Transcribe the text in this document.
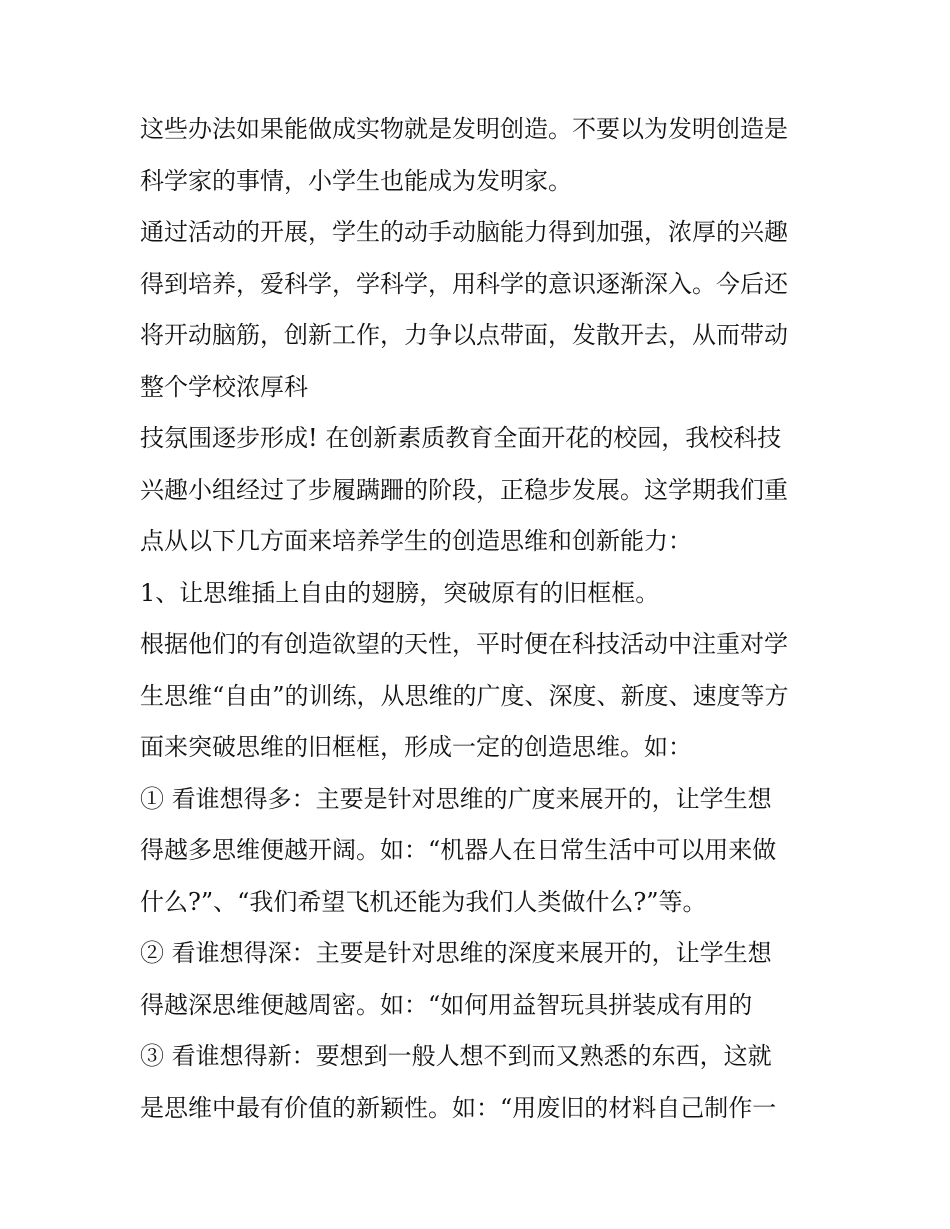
这些办法如果能做成实物就是发明创造。不要以为发明创造是
科学家的事情，小学生也能成为发明家。
通过活动的开展，学生的动手动脑能力得到加强，浓厚的兴趣
得到培养，爱科学，学科学，用科学的意识逐渐深入。今后还
将开动脑筋，创新工作，力争以点带面，发散开去，从而带动
整个学校浓厚科
技氛围逐步形成! 在创新素质教育全面开花的校园，我校科技
兴趣小组经过了步履蹒跚的阶段，正稳步发展。这学期我们重
点从以下几方面来培养学生的创造思维和创新能力：
1、让思维插上自由的翅膀，突破原有的旧框框。
根据他们的有创造欲望的天性，平时便在科技活动中注重对学
生思维“自由”的训练，从思维的广度、深度、新度、速度等方
面来突破思维的旧框框，形成一定的创造思维。如：
① 看谁想得多：主要是针对思维的广度来展开的，让学生想
得越多思维便越开阔。如：“机器人在日常生活中可以用来做
什么?”、“我们希望飞机还能为我们人类做什么?”等。
② 看谁想得深：主要是针对思维的深度来展开的，让学生想
得越深思维便越周密。如：“如何用益智玩具拼装成有用的
③ 看谁想得新：要想到一般人想不到而又熟悉的东西，这就
是思维中最有价值的新颖性。如：“用废旧的材料自己制作一
